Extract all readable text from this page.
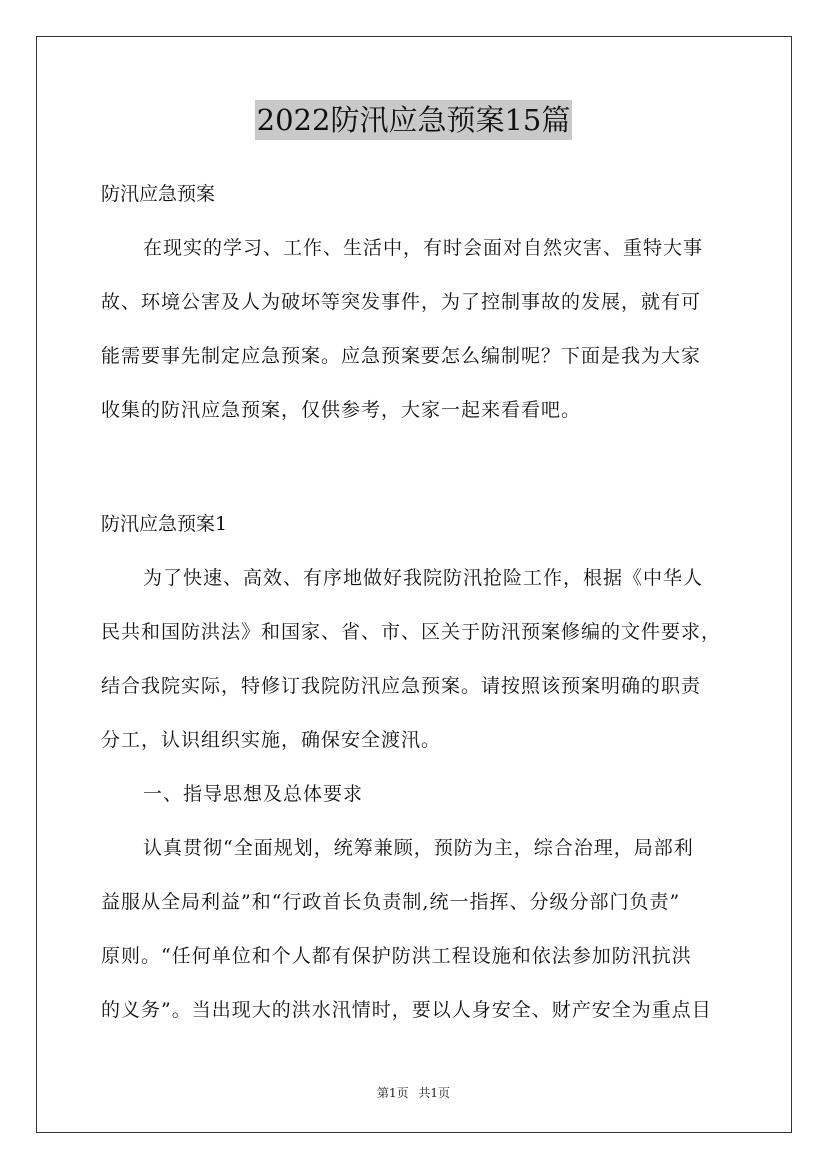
2022防汛应急预案15篇
防汛应急预案
在现实的学习、工作、生活中，有时会面对自然灾害、重特大事
故、环境公害及人为破坏等突发事件，为了控制事故的发展，就有可
能需要事先制定应急预案。应急预案要怎么编制呢？下面是我为大家
收集的防汛应急预案，仅供参考，大家一起来看看吧。
防汛应急预案1
为了快速、高效、有序地做好我院防汛抢险工作，根据《中华人
民共和国防洪法》和国家、省、市、区关于防汛预案修编的文件要求，
结合我院实际，特修订我院防汛应急预案。请按照该预案明确的职责
分工，认识组织实施，确保安全渡汛。
一、指导思想及总体要求
认真贯彻“全面规划，统筹兼顾，预防为主，综合治理，局部利
益服从全局利益”和“行政首长负责制,统一指挥、分级分部门负责”
原则。“任何单位和个人都有保护防洪工程设施和依法参加防汛抗洪
的义务”。当出现大的洪水汛情时，要以人身安全、财产安全为重点目
第1页 共1页
